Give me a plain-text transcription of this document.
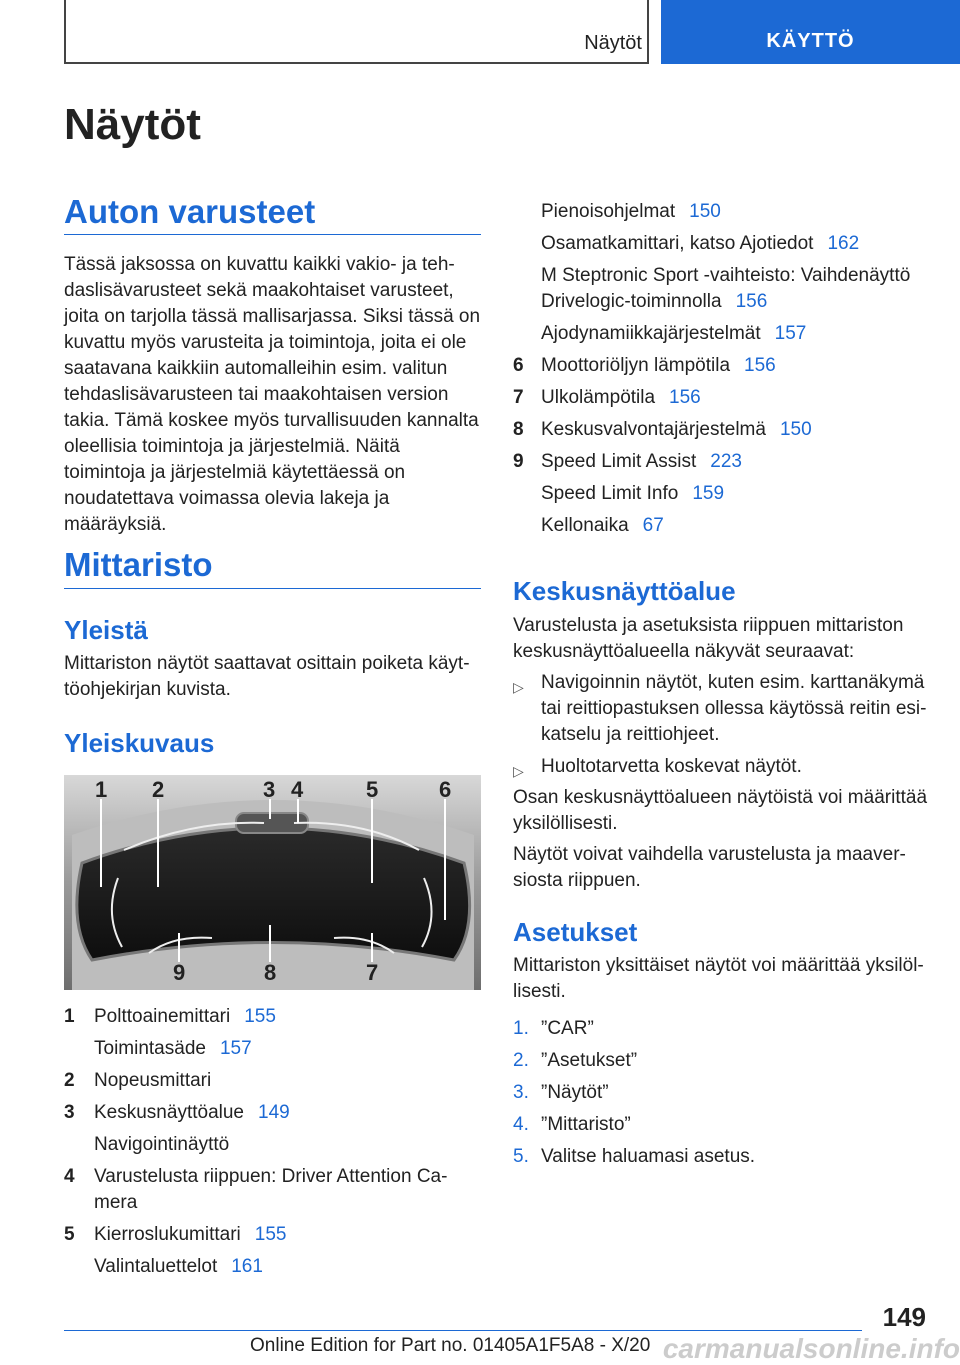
Näytöt	KÄYTTÖ
Näytöt
Auton varusteet
Tässä jaksossa on kuvattu kaikki vakio- ja tehdaslisävarusteet sekä maakohtaiset varusteet, joita on tarjolla tässä mallisarjassa. Siksi tässä on kuvattu myös varusteita ja toimintoja, joita ei ole saatavana kaikkiin automalleihin esim. valitun tehdaslisävarusteen tai maakohtaisen version takia. Tämä koskee myös turvallisuuden kannalta oleellisia toimintoja ja järjestelmiä. Näitä toimintoja ja järjestelmiä käytettäessä on noudatettava voimassa olevia lakeja ja määräyksiä.
Mittaristo
Yleistä
Mittariston näytöt saattavat osittain poiketa käyttöohjekirjan kuvista.
Yleiskuvaus
1 2	3 4	5	6
9	8	7
1 Polttoainemittari 155
Toimintasäde 157
2 Nopeusmittari
3 Keskusnäyttöalue 149
Navigointinäyttö
4 Varustelusta riippuen: Driver Attention Camera
5 Kierroslukumittari 155
Valintaluettelot 161
Pienoisohjelmat 150
Osamatkamittari, katso Ajotiedot 162
M Steptronic Sport -vaihteisto: Vaihdenäyttö Drivelogic-toiminnolla 156
Ajodynamiikkajärjestelmät 157
6 Moottoriöljyn lämpötila 156
7 Ulkolämpötila 156
8 Keskusvalvontajärjestelmä 150
9 Speed Limit Assist 223
Speed Limit Info 159
Kellonaika 67
Keskusnäyttöalue
Varustelusta ja asetuksista riippuen mittariston keskusnäyttöalueella näkyvät seuraavat:
▷ Navigoinnin näytöt, kuten esim. karttanäkymä tai reittiopastuksen ollessa käytössä reitin esikatselu ja reittiohjeet.
▷ Huoltotarvetta koskevat näytöt.
Osan keskusnäyttöalueen näytöistä voi määrittää yksilöllisesti.
Näytöt voivat vaihdella varustelusta ja maaversiosta riippuen.
Asetukset
Mittariston yksittäiset näytöt voi määrittää yksilöllisesti.
1. ”CAR”
2. ”Asetukset”
3. ”Näytöt”
4. ”Mittaristo”
5. Valitse haluamasi asetus.
149
Online Edition for Part no. 01405A1F5A8 - X/20 carmanualsonline.info
